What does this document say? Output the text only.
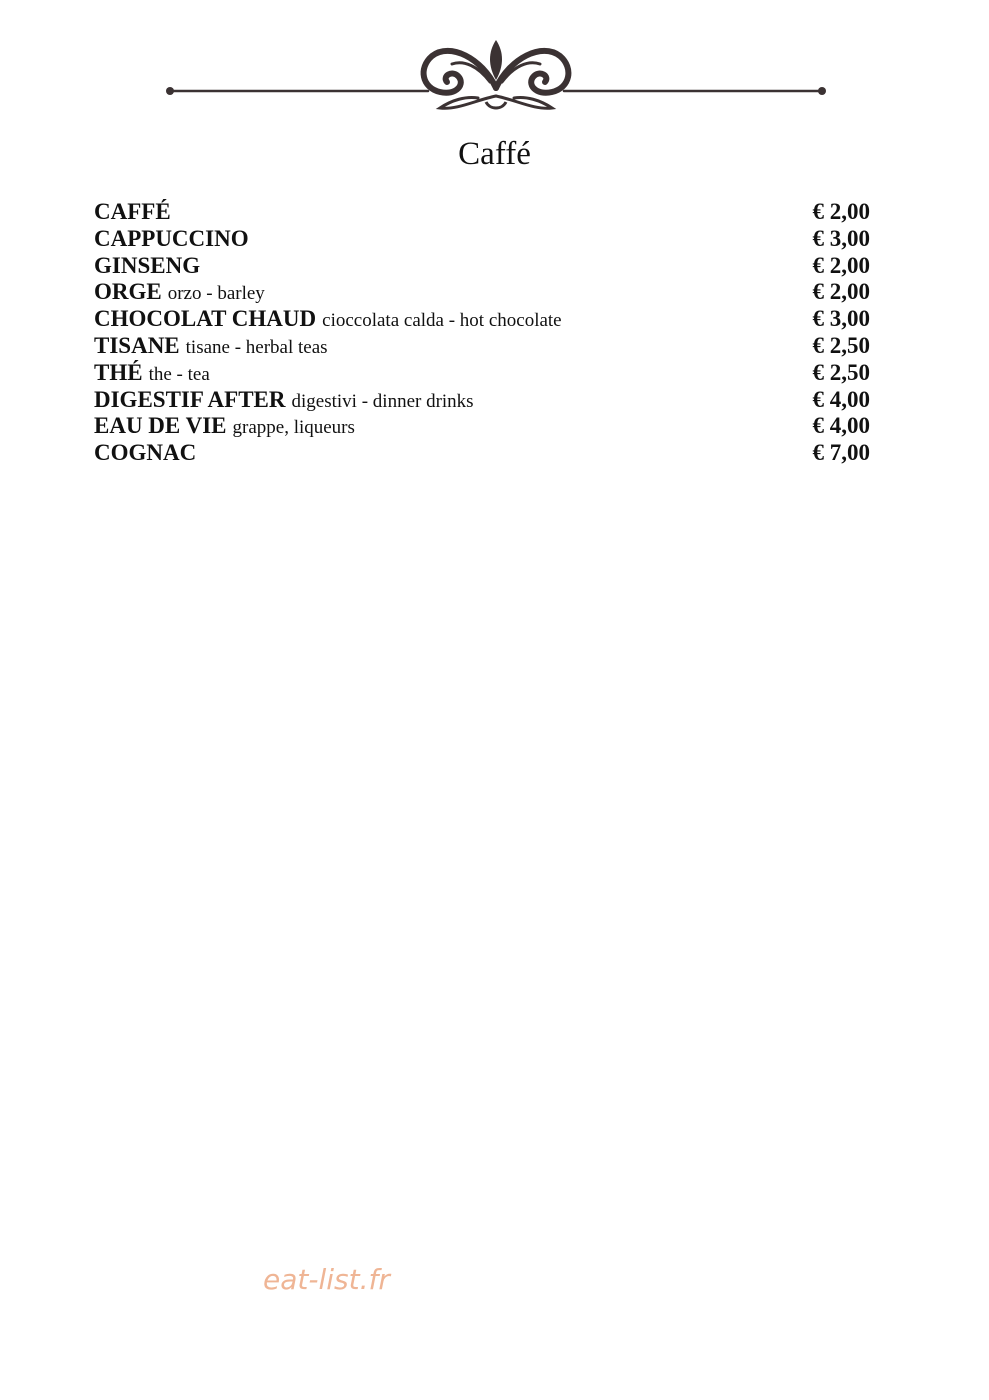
Caffé
CAFFÉ	€ 2,00
CAPPUCCINO	€ 3,00
GINSENG	€ 2,00
ORGE orzo - barley	€ 2,00
CHOCOLAT CHAUD cioccolata calda - hot chocolate	€ 3,00
TISANE tisane - herbal teas	€ 2,50
THÉ the - tea	€ 2,50
DIGESTIF AFTER digestivi - dinner drinks	€ 4,00
EAU DE VIE grappe, liqueurs	€ 4,00
COGNAC	€ 7,00
eat-list.fr
